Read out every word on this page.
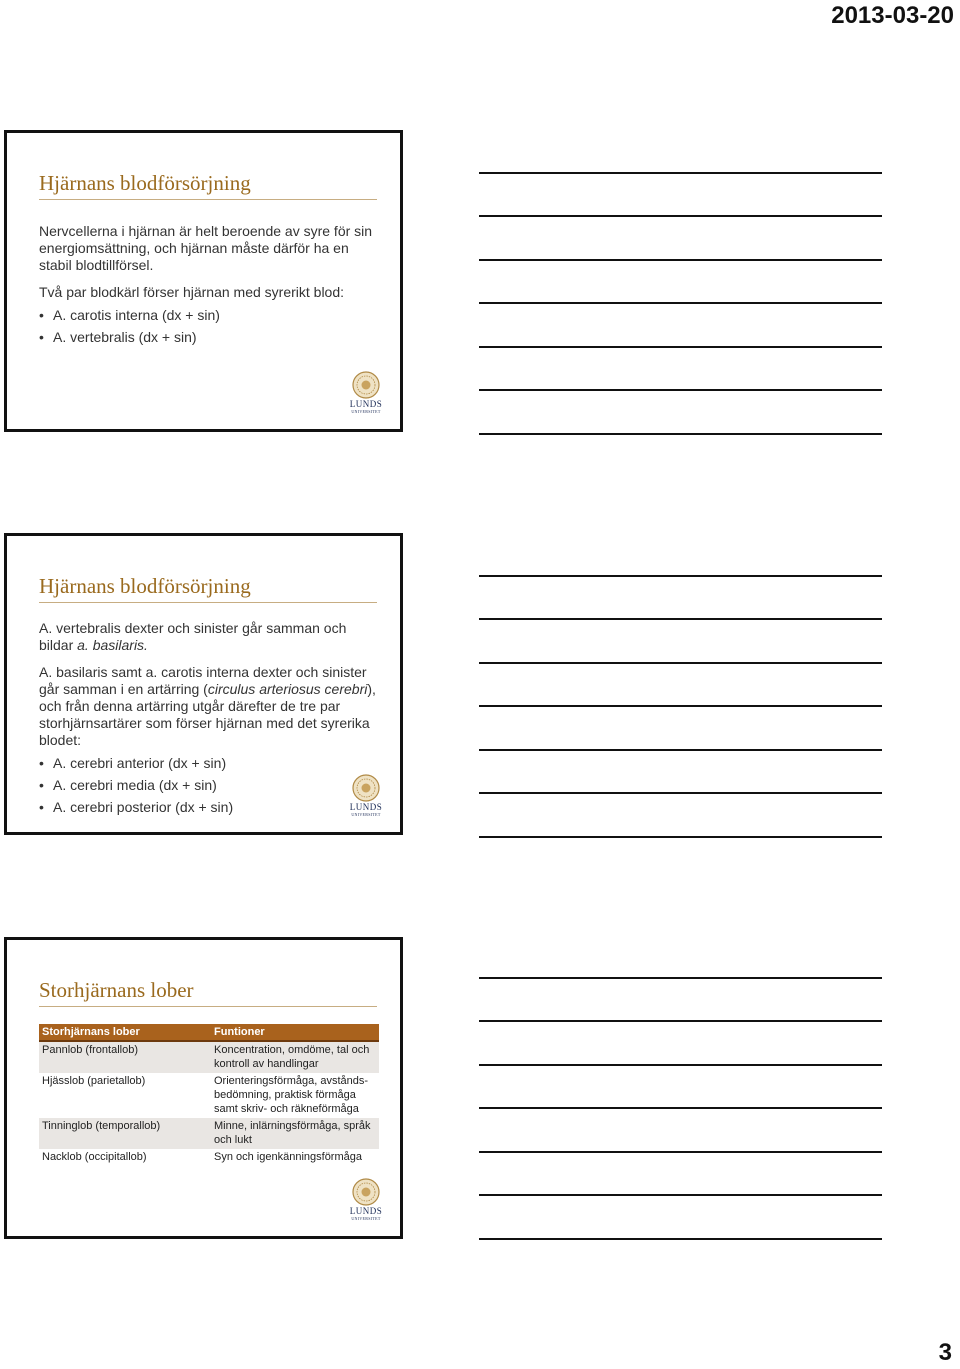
2013-03-20
Hjärnans blodförsörjning

Nervcellerna i hjärnan är helt beroende av syre för sin energiomsättning, och hjärnan måste därför ha en stabil blodtillförsel.

Två par blodkärl förser hjärnan med syrerikt blod:

• A. carotis interna (dx + sin)
• A. vertebralis (dx + sin)
LUNDS
UNIVERSITET
Hjärnans blodförsörjning

A. vertebralis dexter och sinister går samman och bildar a. basilaris.

A. basilaris samt a. carotis interna dexter och sinister går samman i en artärring (circulus arteriosus cerebri), och från denna artärring utgår därefter de tre par storhjärnsartärer som förser hjärnan med det syrerika blodet:

• A. cerebri anterior (dx + sin)
• A. cerebri media (dx + sin)
• A. cerebri posterior (dx + sin)	LUNDS
UNIVERSITET
Storhjärnans lober
Storhjärnans lober	Funtioner
Pannlob (frontallob)	Koncentration, omdöme, tal och kontroll av handlingar
Hjässlob (parietallob)	Orienteringsförmåga, avstånds-bedömning, praktisk förmåga samt skriv- och räkneförmåga
Tinninglob (temporallob)	Minne, inlärningsförmåga, språk och lukt
Nacklob (occipitallob)	Syn och igenkänningsförmåga
LUNDS
UNIVERSITET
3
